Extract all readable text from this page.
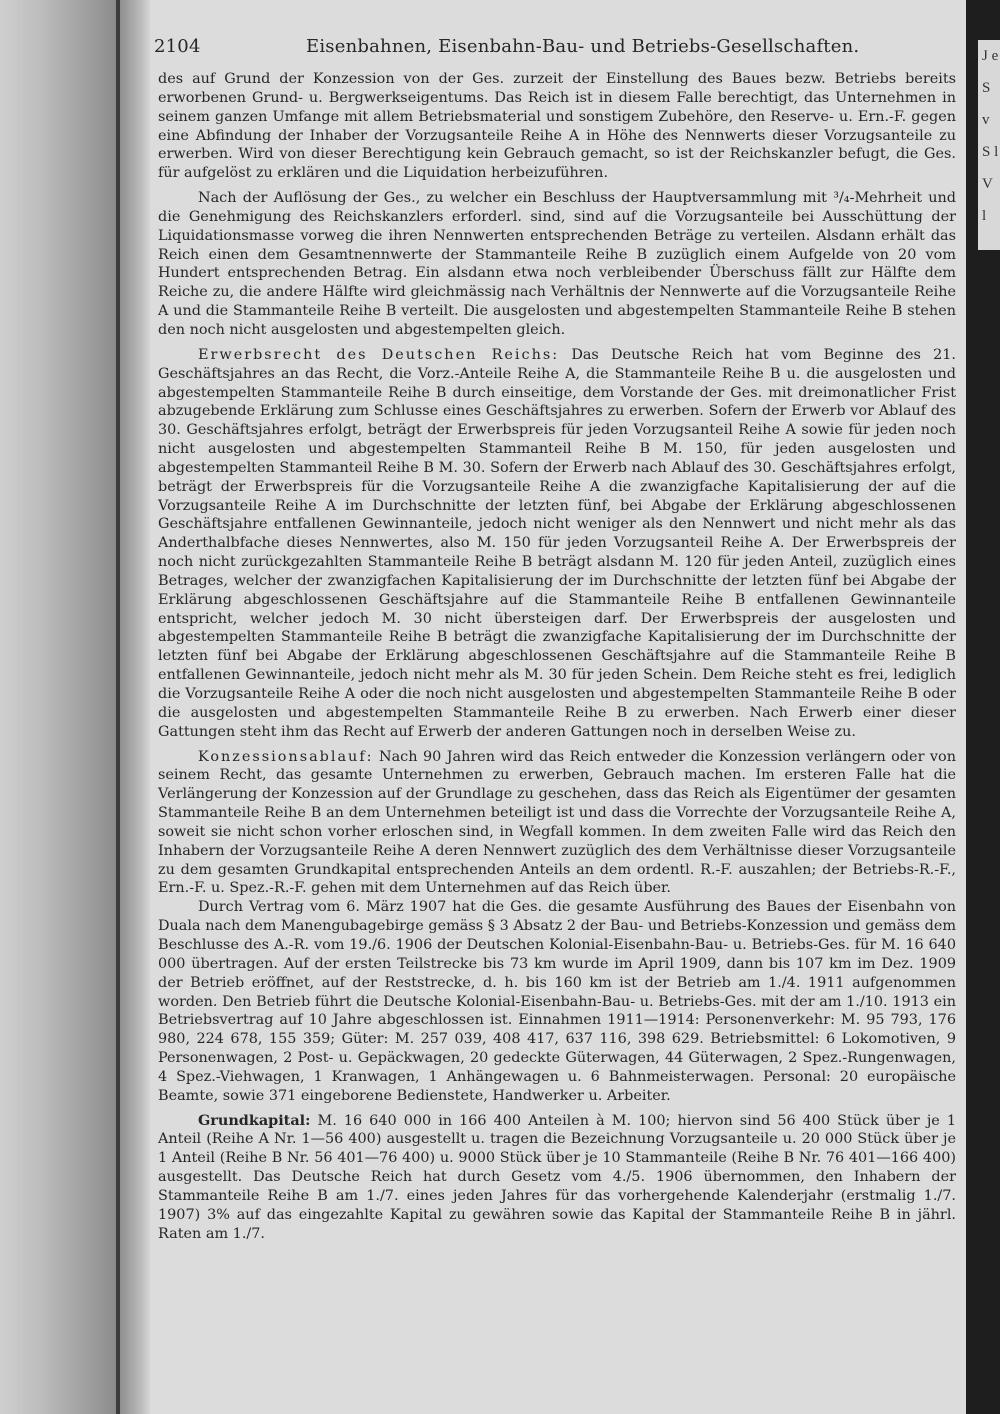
J e S v S l V l
2104	Eisenbahnen, Eisenbahn-Bau- und Betriebs-Gesellschaften.

des auf Grund der Konzession von der Ges. zurzeit der Einstellung des Baues bezw. Betriebs bereits erworbenen Grund- u. Bergwerkseigentums. Das Reich ist in diesem Falle berechtigt, das Unternehmen in seinem ganzen Umfange mit allem Betriebsmaterial und sonstigem Zubehöre, den Reserve- u. Ern.-F. gegen eine Abfindung der Inhaber der Vorzugsanteile Reihe A in Höhe des Nennwerts dieser Vorzugsanteile zu erwerben. Wird von dieser Berechtigung kein Gebrauch gemacht, so ist der Reichskanzler befugt, die Ges. für aufgelöst zu erklären und die Liquidation herbeizuführen.

Nach der Auflösung der Ges., zu welcher ein Beschluss der Hauptversammlung mit ³/₄-Mehrheit und die Genehmigung des Reichskanzlers erforderl. sind, sind auf die Vorzugsanteile bei Ausschüttung der Liquidationsmasse vorweg die ihren Nennwerten entsprechenden Beträge zu verteilen. Alsdann erhält das Reich einen dem Gesamtnennwerte der Stammanteile Reihe B zuzüglich einem Aufgelde von 20 vom Hundert entsprechenden Betrag. Ein alsdann etwa noch verbleibender Überschuss fällt zur Hälfte dem Reiche zu, die andere Hälfte wird gleichmässig nach Verhältnis der Nennwerte auf die Vorzugsanteile Reihe A und die Stammanteile Reihe B verteilt. Die ausgelosten und abgestempelten Stammanteile Reihe B stehen den noch nicht ausgelosten und abgestempelten gleich.

Erwerbsrecht des Deutschen Reichs: Das Deutsche Reich hat vom Beginne des 21. Geschäftsjahres an das Recht, die Vorz.-Anteile Reihe A, die Stammanteile Reihe B u. die ausgelosten und abgestempelten Stammanteile Reihe B durch einseitige, dem Vorstande der Ges. mit dreimonatlicher Frist abzugebende Erklärung zum Schlusse eines Geschäftsjahres zu erwerben. Sofern der Erwerb vor Ablauf des 30. Geschäftsjahres erfolgt, beträgt der Erwerbspreis für jeden Vorzugsanteil Reihe A sowie für jeden noch nicht ausgelosten und abgestempelten Stammanteil Reihe B M. 150, für jeden ausgelosten und abgestempelten Stammanteil Reihe B M. 30. Sofern der Erwerb nach Ablauf des 30. Geschäftsjahres erfolgt, beträgt der Erwerbspreis für die Vorzugsanteile Reihe A die zwanzigfache Kapitalisierung der auf die Vorzugsanteile Reihe A im Durchschnitte der letzten fünf, bei Abgabe der Erklärung abgeschlossenen Geschäftsjahre entfallenen Gewinnanteile, jedoch nicht weniger als den Nennwert und nicht mehr als das Anderthalbfache dieses Nennwertes, also M. 150 für jeden Vorzugsanteil Reihe A. Der Erwerbspreis der noch nicht zurückgezahlten Stammanteile Reihe B beträgt alsdann M. 120 für jeden Anteil, zuzüglich eines Betrages, welcher der zwanzigfachen Kapitalisierung der im Durchschnitte der letzten fünf bei Abgabe der Erklärung abgeschlossenen Geschäftsjahre auf die Stammanteile Reihe B entfallenen Gewinnanteile entspricht, welcher jedoch M. 30 nicht übersteigen darf. Der Erwerbspreis der ausgelosten und abgestempelten Stammanteile Reihe B beträgt die zwanzigfache Kapitalisierung der im Durchschnitte der letzten fünf bei Abgabe der Erklärung abgeschlossenen Geschäftsjahre auf die Stammanteile Reihe B entfallenen Gewinnanteile, jedoch nicht mehr als M. 30 für jeden Schein. Dem Reiche steht es frei, lediglich die Vorzugsanteile Reihe A oder die noch nicht ausgelosten und abgestempelten Stammanteile Reihe B oder die ausgelosten und abgestempelten Stammanteile Reihe B zu erwerben. Nach Erwerb einer dieser Gattungen steht ihm das Recht auf Erwerb der anderen Gattungen noch in derselben Weise zu.

Konzessionsablauf: Nach 90 Jahren wird das Reich entweder die Konzession verlängern oder von seinem Recht, das gesamte Unternehmen zu erwerben, Gebrauch machen. Im ersteren Falle hat die Verlängerung der Konzession auf der Grundlage zu geschehen, dass das Reich als Eigentümer der gesamten Stammanteile Reihe B an dem Unternehmen beteiligt ist und dass die Vorrechte der Vorzugsanteile Reihe A, soweit sie nicht schon vorher erloschen sind, in Wegfall kommen. In dem zweiten Falle wird das Reich den Inhabern der Vorzugsanteile Reihe A deren Nennwert zuzüglich des dem Verhältnisse dieser Vorzugsanteile zu dem gesamten Grundkapital entsprechenden Anteils an dem ordentl. R.-F. auszahlen; der Betriebs-R.-F., Ern.-F. u. Spez.-R.-F. gehen mit dem Unternehmen auf das Reich über.

Durch Vertrag vom 6. März 1907 hat die Ges. die gesamte Ausführung des Baues der Eisenbahn von Duala nach dem Manengubagebirge gemäss § 3 Absatz 2 der Bau- und Betriebs-Konzession und gemäss dem Beschlusse des A.-R. vom 19./6. 1906 der Deutschen Kolonial-Eisenbahn-Bau- u. Betriebs-Ges. für M. 16 640 000 übertragen. Auf der ersten Teilstrecke bis 73 km wurde im April 1909, dann bis 107 km im Dez. 1909 der Betrieb eröffnet, auf der Reststrecke, d. h. bis 160 km ist der Betrieb am 1./4. 1911 aufgenommen worden. Den Betrieb führt die Deutsche Kolonial-Eisenbahn-Bau- u. Betriebs-Ges. mit der am 1./10. 1913 ein Betriebsvertrag auf 10 Jahre abgeschlossen ist. Einnahmen 1911—1914: Personenverkehr: M. 95 793, 176 980, 224 678, 155 359; Güter: M. 257 039, 408 417, 637 116, 398 629. Betriebsmittel: 6 Lokomotiven, 9 Personenwagen, 2 Post- u. Gepäckwagen, 20 gedeckte Güterwagen, 44 Güterwagen, 2 Spez.-Rungenwagen, 4 Spez.-Viehwagen, 1 Kranwagen, 1 Anhängewagen u. 6 Bahnmeisterwagen. Personal: 20 europäische Beamte, sowie 371 eingeborene Bedienstete, Handwerker u. Arbeiter.

Grundkapital: M. 16 640 000 in 166 400 Anteilen à M. 100; hiervon sind 56 400 Stück über je 1 Anteil (Reihe A Nr. 1—56 400) ausgestellt u. tragen die Bezeichnung Vorzugsanteile u. 20 000 Stück über je 1 Anteil (Reihe B Nr. 56 401—76 400) u. 9000 Stück über je 10 Stammanteile (Reihe B Nr. 76 401—166 400) ausgestellt. Das Deutsche Reich hat durch Gesetz vom 4./5. 1906 übernommen, den Inhabern der Stammanteile Reihe B am 1./7. eines jeden Jahres für das vorhergehende Kalenderjahr (erstmalig 1./7. 1907) 3% auf das eingezahlte Kapital zu gewähren sowie das Kapital der Stammanteile Reihe B in jährl. Raten am 1./7.
